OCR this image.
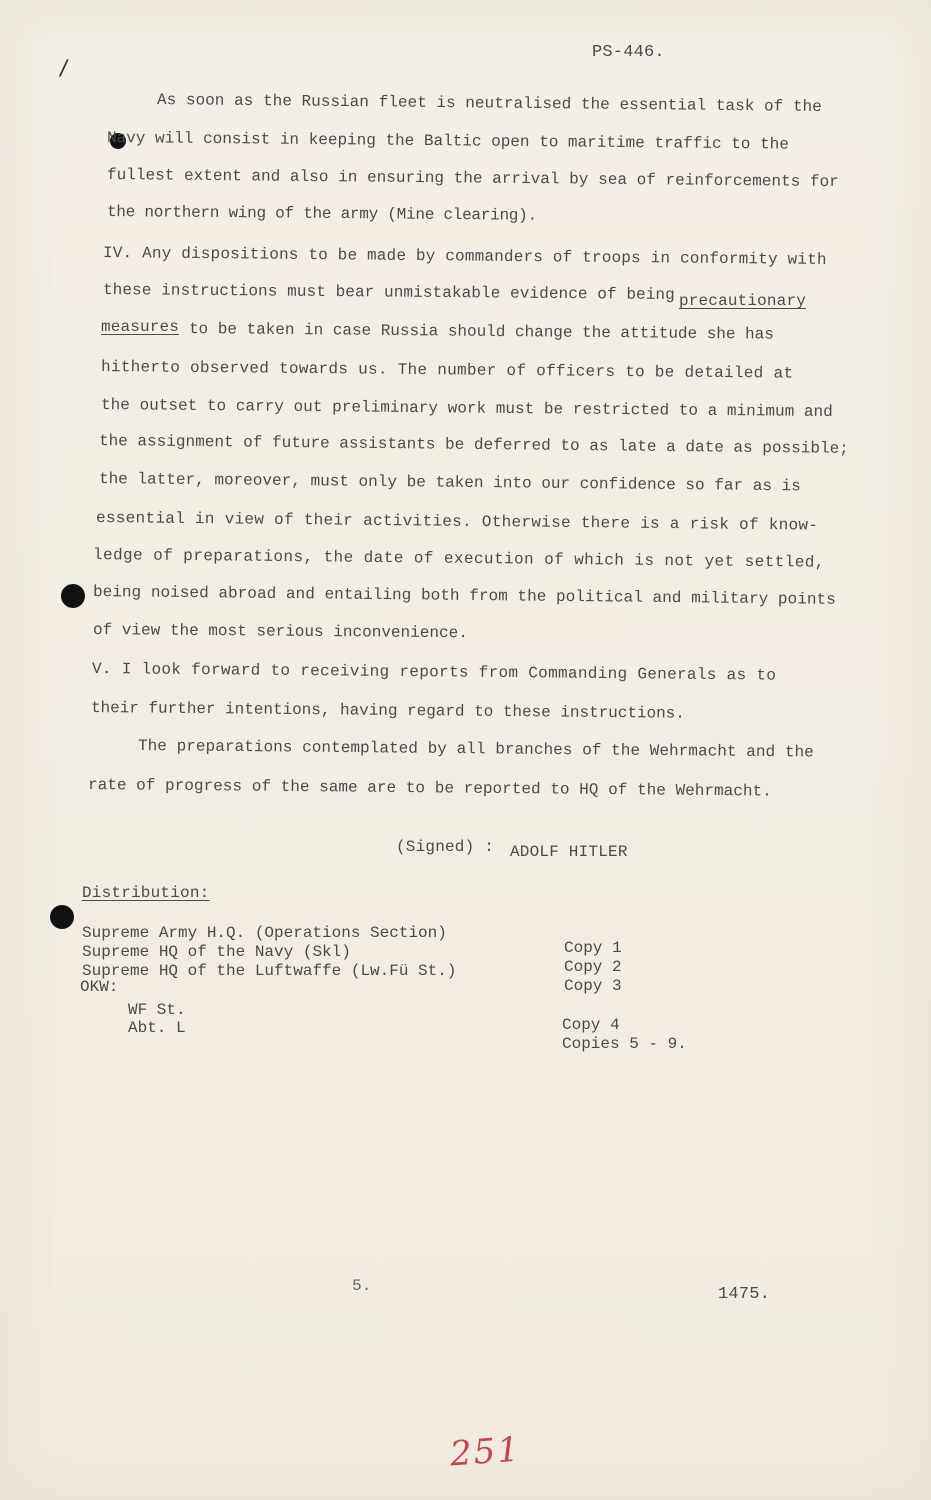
/
PS-446.
As soon as the Russian fleet is neutralised the essential task of the
Navy will consist in keeping the Baltic open to maritime traffic to the
fullest extent and also in ensuring the arrival by sea of reinforcements for
the northern wing of the army (Mine clearing).
IV. Any dispositions to be made by commanders of troops in conformity with
these instructions must bear unmistakable evidence of being precautionary
measures to be taken in case Russia should change the attitude she has
hitherto observed towards us. The number of officers to be detailed at
the outset to carry out preliminary work must be restricted to a minimum and
the assignment of future assistants be deferred to as late a date as possible;
the latter, moreover, must only be taken into our confidence so far as is
essential in view of their activities. Otherwise there is a risk of know-
ledge of preparations, the date of execution of which is not yet settled,
being noised abroad and entailing both from the political and military points
of view the most serious inconvenience.
V. I look forward to receiving reports from Commanding Generals as to
their further intentions, having regard to these instructions.
The preparations contemplated by all branches of the Wehrmacht and the
rate of progress of the same are to be reported to HQ of the Wehrmacht.
(Signed) : ADOLF HITLER
Distribution:
Supreme Army H.Q. (Operations Section)
Supreme HQ of the Navy (Skl)
Supreme HQ of the Luftwaffe (Lw.Fü St.)
OKW:
WF St.
Abt. L
Copy 1
Copy 2
Copy 3
Copy 4
Copies 5 - 9.
5.	1475.
251
